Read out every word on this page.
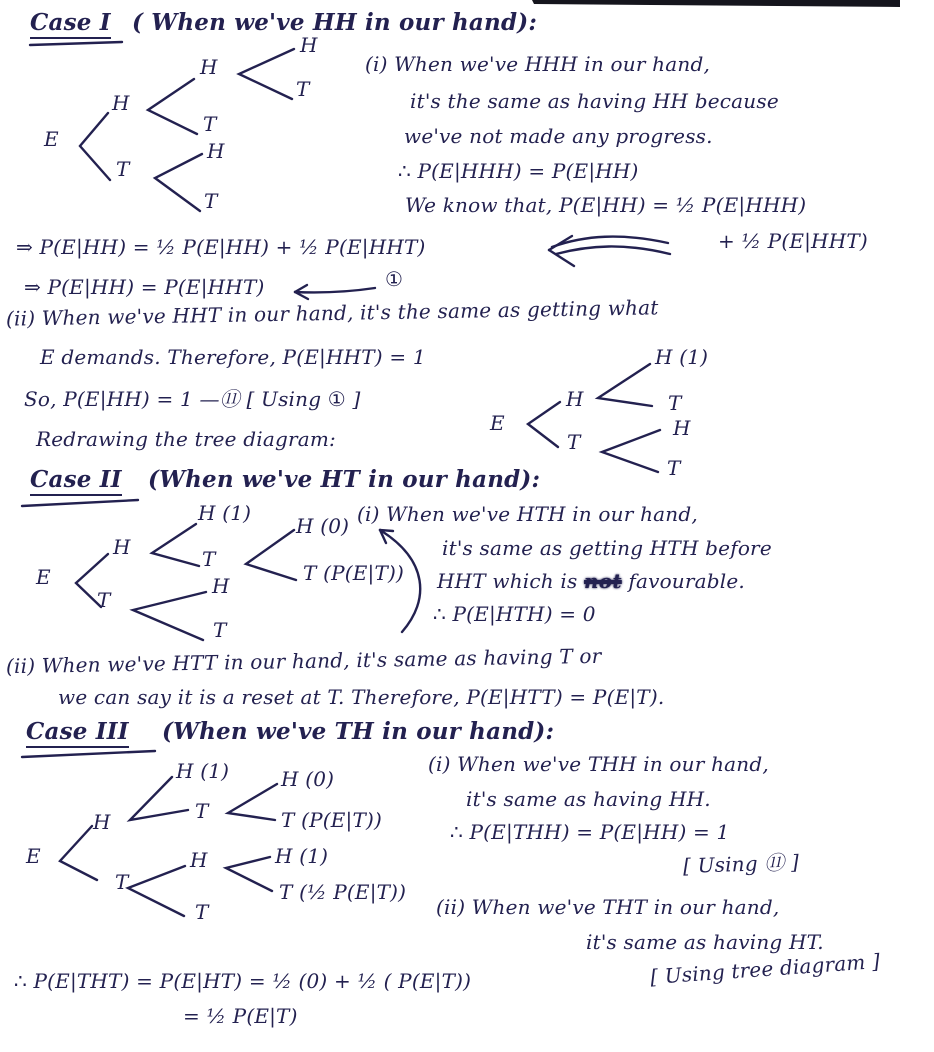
Case I ( When we've HH in our hand):
E
H
T
H
T
H
T
H
T
(i) When we've HHH in our hand,
it's the same as having HH because
we've not made any progress.
∴ P(E|HHH) = P(E|HH)
We know that, P(E|HH) = ½ P(E|HHH)
+ ½ P(E|HHT)
⇒ P(E|HH) = ½ P(E|HH) + ½ P(E|HHT)
⇒ P(E|HH) = P(E|HHT)	①
(ii) When we've HHT in our hand, it's the same as getting what
E demands. Therefore, P(E|HHT) = 1
So, P(E|HH) = 1 —⑪ [ Using ① ]
Redrawing the tree diagram:
E
H
T
H (1)
T
H
T
Case II (When we've HT in our hand):
E
H
T
H (1)
T
H (0)
T (P(E|T))
H
T
(i) When we've HTH in our hand,
it's same as getting HTH before
HHT which is not favourable.
∴ P(E|HTH) = 0
(ii) When we've HTT in our hand, it's same as having T or
we can say it is a reset at T. Therefore, P(E|HTT) = P(E|T).
Case III (When we've TH in our hand):
E
H
T
H (1)
T
H (0)
T (P(E|T))
H
T
H (1)
T (½ P(E|T))
(i) When we've THH in our hand,
it's same as having HH.
∴ P(E|THH) = P(E|HH) = 1
[ Using ⑪ ]
(ii) When we've THT in our hand,
it's same as having HT.
∴ P(E|THT) = P(E|HT) = ½ (0) + ½ ( P(E|T))	[ Using tree diagram ]
= ½ P(E|T)
